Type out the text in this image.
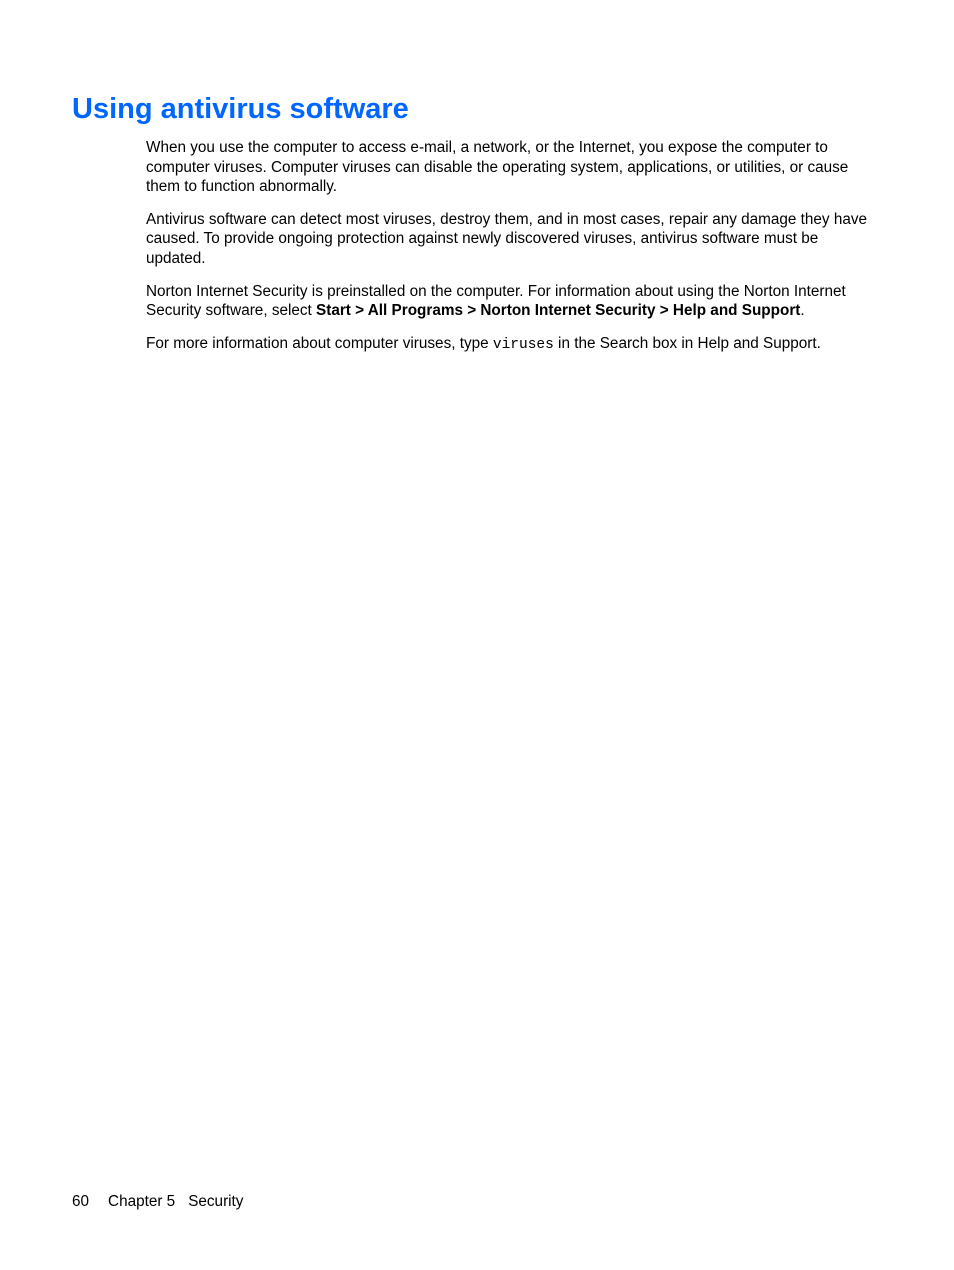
Using antivirus software

When you use the computer to access e-mail, a network, or the Internet, you expose the computer to computer viruses. Computer viruses can disable the operating system, applications, or utilities, or cause them to function abnormally.

Antivirus software can detect most viruses, destroy them, and in most cases, repair any damage they have caused. To provide ongoing protection against newly discovered viruses, antivirus software must be updated.

Norton Internet Security is preinstalled on the computer. For information about using the Norton Internet Security software, select Start > All Programs > Norton Internet Security > Help and Support.

For more information about computer viruses, type viruses in the Search box in Help and Support.

60 Chapter 5 Security
